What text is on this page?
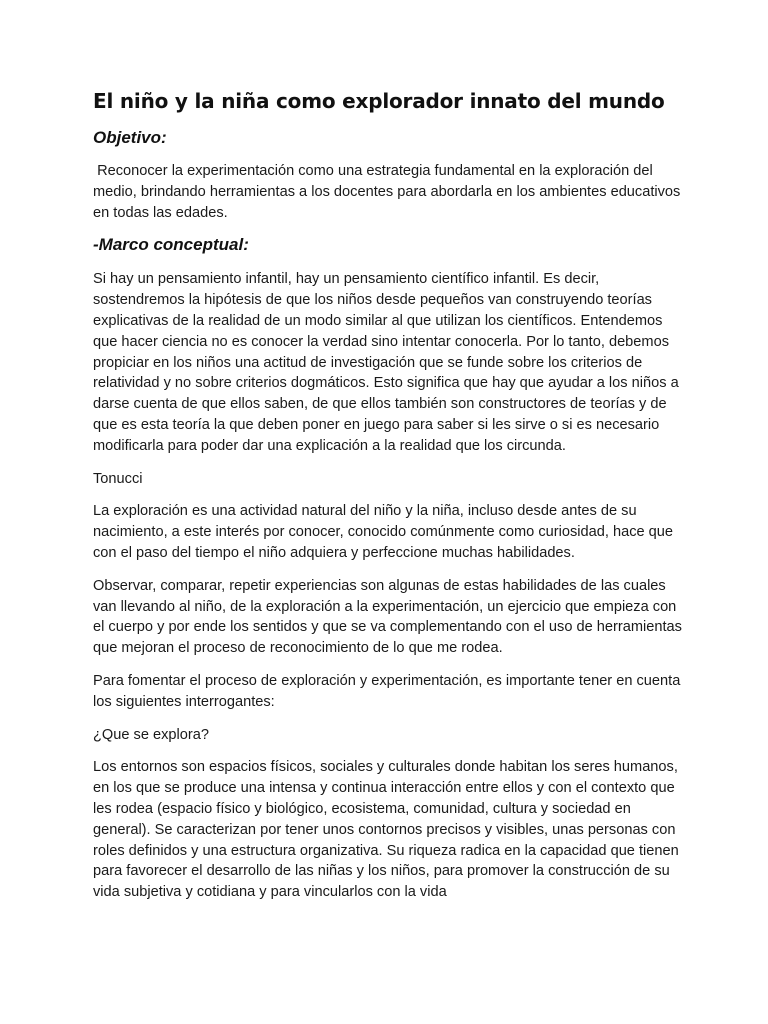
El niño y la niña como explorador innato del mundo
Objetivo:

Reconocer la experimentación como una estrategia fundamental en la exploración del medio, brindando herramientas a los docentes para abordarla en los ambientes educativos en todas las edades.

-Marco conceptual:

Si hay un pensamiento infantil, hay un pensamiento científico infantil. Es decir, sostendremos la hipótesis de que los niños desde pequeños van construyendo teorías explicativas de la realidad de un modo similar al que utilizan los científicos. Entendemos que hacer ciencia no es conocer la verdad sino intentar conocerla. Por lo tanto, debemos propiciar en los niños una actitud de investigación que se funde sobre los criterios de relatividad y no sobre criterios dogmáticos. Esto significa que hay que ayudar a los niños a darse cuenta de que ellos saben, de que ellos también son constructores de teorías y de que es esta teoría la que deben poner en juego para saber si les sirve o si es necesario modificarla para poder dar una explicación a la realidad que los circunda.

Tonucci

La exploración es una actividad natural del niño y la niña, incluso desde antes de su nacimiento, a este interés por conocer, conocido comúnmente como curiosidad, hace que con el paso del tiempo el niño adquiera y perfeccione muchas habilidades.

Observar, comparar, repetir experiencias son algunas de estas habilidades de las cuales van llevando al niño, de la exploración a la experimentación, un ejercicio que empieza con el cuerpo y por ende los sentidos y que se va complementando con el uso de herramientas que mejoran el proceso de reconocimiento de lo que me rodea.

Para fomentar el proceso de exploración y experimentación, es importante tener en cuenta los siguientes interrogantes:

¿Que se explora?

Los entornos son espacios físicos, sociales y culturales donde habitan los seres humanos, en los que se produce una intensa y continua interacción entre ellos y con el contexto que les rodea (espacio físico y biológico, ecosistema, comunidad, cultura y sociedad en general). Se caracterizan por tener unos contornos precisos y visibles, unas personas con roles definidos y una estructura organizativa. Su riqueza radica en la capacidad que tienen para favorecer el desarrollo de las niñas y los niños, para promover la construcción de su vida subjetiva y cotidiana y para vincularlos con la vida
